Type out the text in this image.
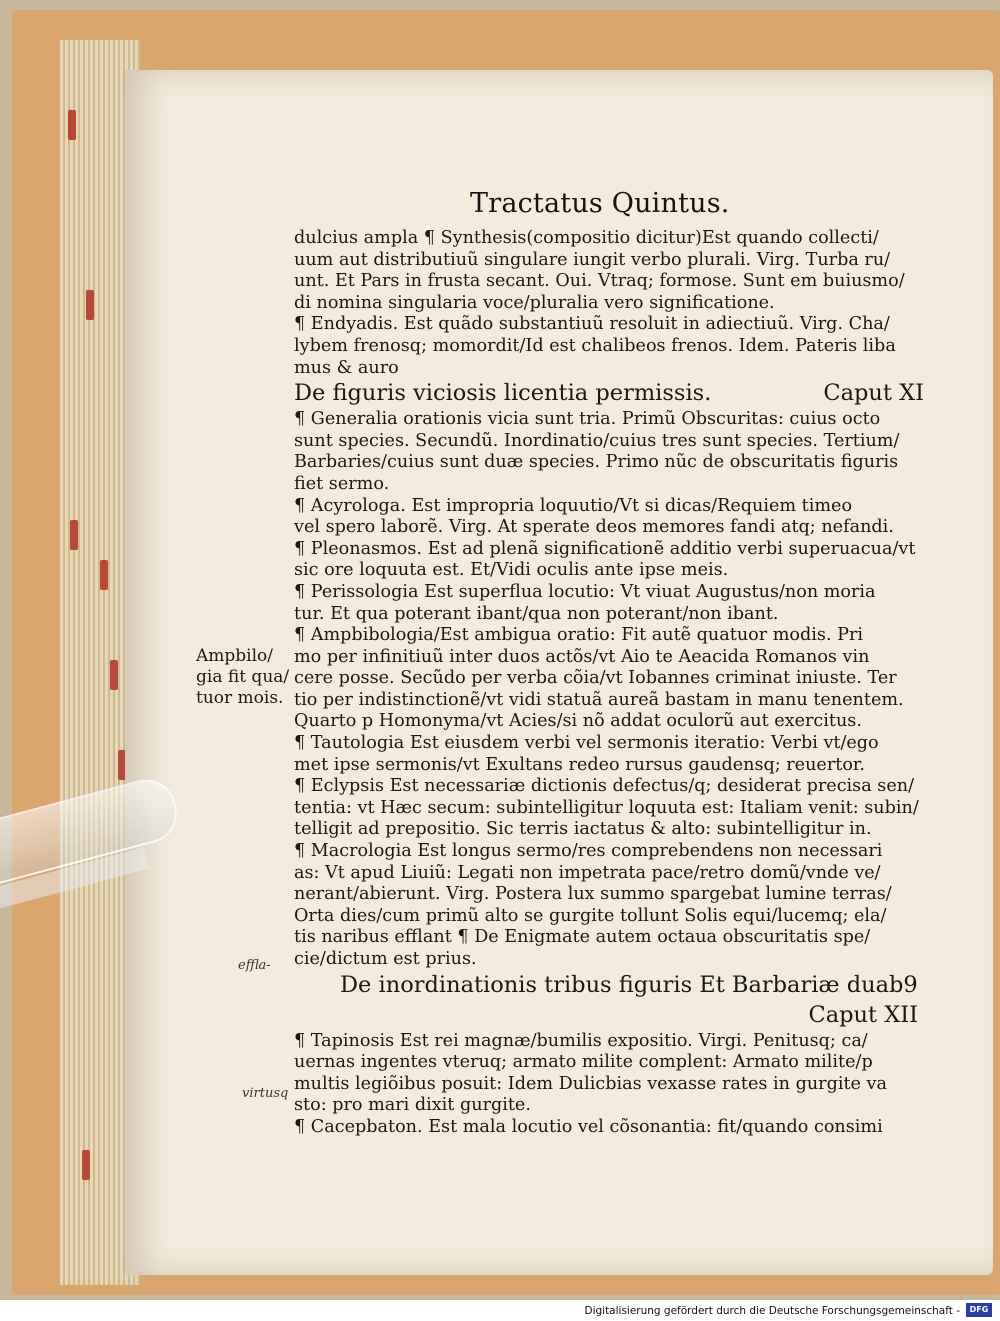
Tractatus Quintus.
dulcius ampla ¶ Synthesis(compositio dicitur)Est quando collecti/
uum aut distributiuũ singulare iungit verbo plurali. Virg. Turba ru/
unt. Et Pars in frusta secant. Oui. Vtraq; formose. Sunt em buiusmo/
di nomina singularia voce/pluralia vero significatione.
¶ Endyadis. Est quãdo substantiuũ resoluit in adiectiuũ. Virg. Cha/
lybem frenosq; momordit/Id est chalibeos frenos. Idem. Pateris liba
mus & auro
De figuris viciosis licentia permissis.	Caput XI
¶ Generalia orationis vicia sunt tria. Primũ Obscuritas: cuius octo
sunt species. Secundũ. Inordinatio/cuius tres sunt species. Tertium/
Barbaries/cuius sunt duæ species. Primo nũc de obscuritatis figuris
fiet sermo.
¶ Acyrologa. Est impropria loquutio/Vt si dicas/Requiem timeo
vel spero laborẽ. Virg. At sperate deos memores fandi atq; nefandi.
¶ Pleonasmos. Est ad plenã significationẽ additio verbi superuacua/vt
sic ore loquuta est. Et/Vidi oculis ante ipse meis.
¶ Perissologia Est superflua locutio: Vt viuat Augustus/non moria
tur. Et qua poterant ibant/qua non poterant/non ibant.
¶ Ampbibologia/Est ambigua oratio: Fit autẽ quatuor modis. Pri
mo per infinitiuũ inter duos actõs/vt Aio te Aeacida Romanos vin
cere posse. Secũdo per verba cõia/vt Iobannes criminat iniuste. Ter
tio per indistinctionẽ/vt vidi statuã aureã bastam in manu tenentem.
Quarto p Homonyma/vt Acies/si nõ addat oculorũ aut exercitus.
¶ Tautologia Est eiusdem verbi vel sermonis iteratio: Verbi vt/ego
met ipse sermonis/vt Exultans redeo rursus gaudensq; reuertor.
¶ Eclypsis Est necessariæ dictionis defectus/q; desiderat precisa sen/
tentia: vt Hæc secum: subintelligitur loquuta est: Italiam venit: subin/
telligit ad prepositio. Sic terris iactatus & alto: subintelligitur in.
¶ Macrologia Est longus sermo/res comprebendens non necessari
as: Vt apud Liuiũ: Legati non impetrata pace/retro domũ/vnde ve/
nerant/abierunt. Virg. Postera lux summo spargebat lumine terras/
Orta dies/cum primũ alto se gurgite tollunt Solis equi/lucemq; ela/
tis naribus efflant ¶ De Enigmate autem octaua obscuritatis spe/
cie/dictum est prius.
De inordinationis tribus figuris Et Barbariæ duab9
Caput XII
¶ Tapinosis Est rei magnæ/bumilis expositio. Virgi. Penitusq; ca/
uernas ingentes vteruq; armato milite complent: Armato milite/p
multis legiõibus posuit: Idem Dulicbias vexasse rates in gurgite va
sto: pro mari dixit gurgite.
¶ Cacepbaton. Est mala locutio vel cõsonantia: fit/quando consimi
Ampbilo/
gia fit qua/
tuor mois.
effla-
virtusq
Digitalisierung gefördert durch die Deutsche Forschungsgemeinschaft -	DFG
